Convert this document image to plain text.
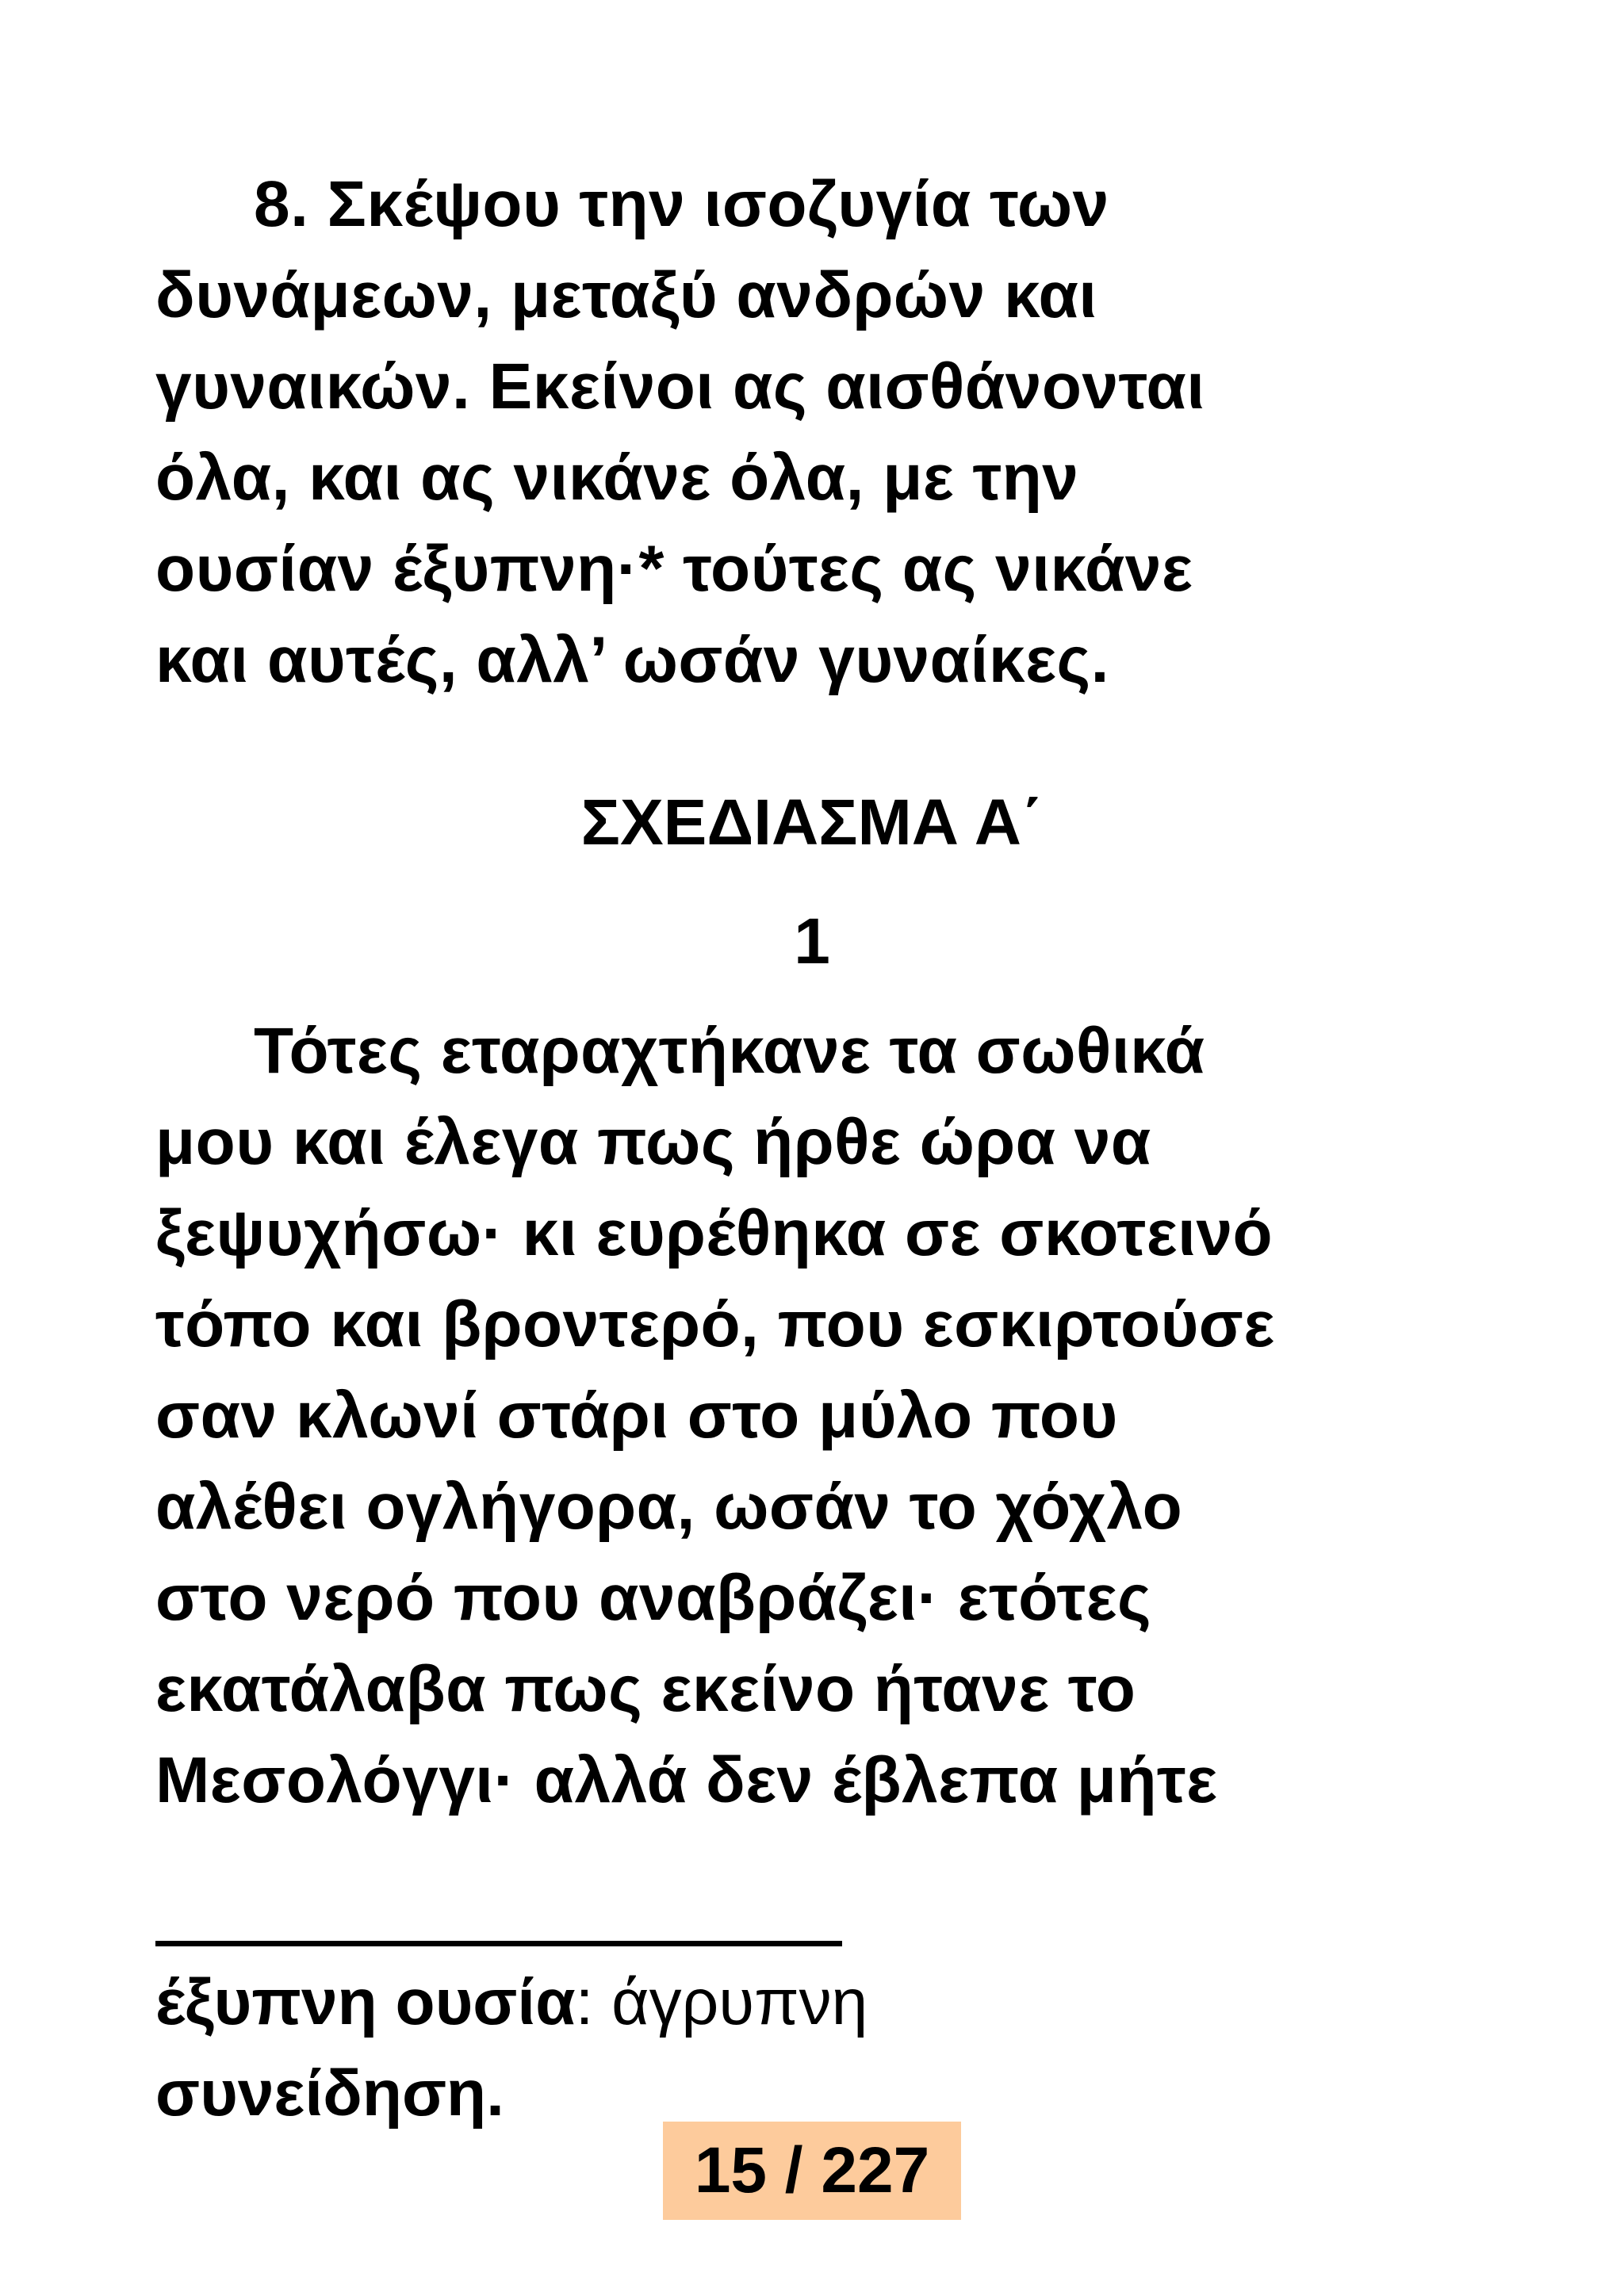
8. Σκέψου την ισοζυγία των
δυνάμεων, μεταξύ ανδρών και
γυναικών. Εκείνοι ας αισθάνονται
όλα, και ας νικάνε όλα, με την
ουσίαν έξυπνη·* τούτες ας νικάνε
και αυτές, αλλ’ ωσάν γυναίκες.
ΣΧΕΔΙΑΣΜΑ Α΄
1
Τότες εταραχτήκανε τα σωθικά
μου και έλεγα πως ήρθε ώρα να
ξεψυχήσω· κι ευρέθηκα σε σκοτεινό
τόπο και βροντερό, που εσκιρτούσε
σαν κλωνί στάρι στο μύλο που
αλέθει ογλήγορα, ωσάν το χόχλο
στο νερό που αναβράζει· ετότες
εκατάλαβα πως εκείνο ήτανε το
Μεσολόγγι· αλλά δεν έβλεπα μήτε
έξυπνη ουσία: άγρυπνη
συνείδηση.
15 / 227
